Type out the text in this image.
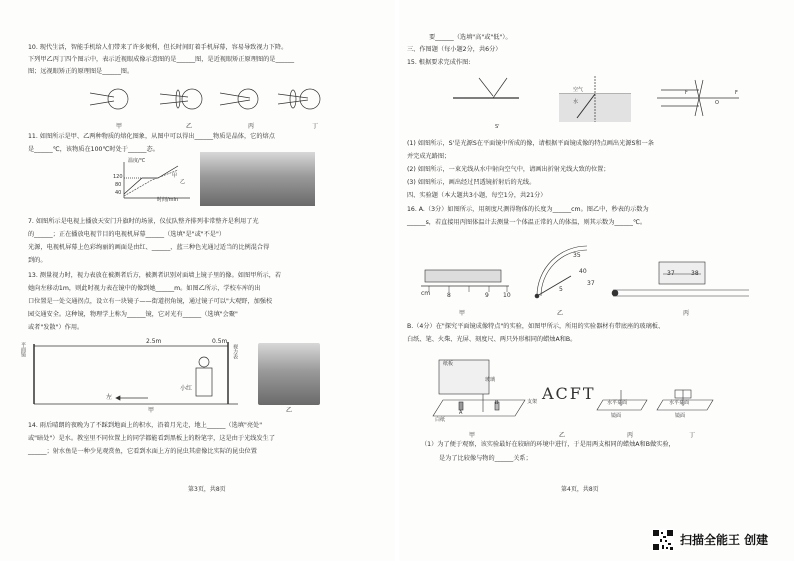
10. 现代生活，智能手机给人们带来了许多便利，但长时间盯着手机屏幕，容易导致视力下降。
下列甲乙丙丁四个图示中，表示近视眼成像示意图的是______图，是近视眼矫正原理图的是______
图；远视眼矫正的原理图是______图。
甲	乙	丙	丁
11. 如图所示是甲、乙两种物质的熔化图象，从图中可以得出______物质是晶体，它的熔点
是______℃，该物质在100℃时处于______态。
温度/℃
时间/min
120
80
40
甲
乙
7. 如图所示是电视上播放天安门升旗时的场景，仪仗队整齐排列非常整齐是利用了光
的______；正在播放电视节目的电视机屏幕______（选填"是"或"不是"）
光源，电视机屏幕上色彩绚丽的画面是由红、______、蓝三种色光通过适当的比例混合得
到的。
13. 测量视力时，视力表放在被测者后方，被测者识别对面墙上镜子里的像。如图甲所示，若
她向左移动1m，则此时视力表在镜中的像到她______m。如图乙所示，学校车库的出
口位置是一处交通拐点，设立有一块镜子——街道拐角镜，通过镜子可以"大观野，加强校
园交通安全。这种镜，物理学上称为______镜，它对光有______（选填"会聚"
或者"发散"）作用。
平面镜	视力表
2.5m	0.5m
小红
左
甲	乙
14. 雨后晴朗的夜晚为了不踩到地面上的积水，沿着月光走，地上______（选填"亮处"
或"暗处"）是水。教室里不同位置上的同学都能看到黑板上的粉笔字，这是由于光线发生了
______；射水鱼是一种少见观赏鱼，它看到水面上方的昆虫其虚像比实际的昆虫位置
第3页，共8页
要______（选填"高"或"低"）。
三、作图题（每小题2分，共6分）
15. 根据要求完成作图:
空气
水
S'
O
F	F
(1) 如图所示，S'是光源S在平面镜中所成的像，请根据平面镜成像的特点画出光源S和一条
并完成光路图；
(2) 如图所示，一束光线从水中射向空气中，请画出折射光线大致的位置；
(3) 如图所示，画出经过凹透镜折射后的光线。
四、实验题（本大题共3小题，每空1分，共21分）
16. A.（3分）如图所示，用刻度尺测得物体的长度为______cm。图乙中，秒表的示数为
______s，若直接用丙图体温计去测量一个体温正常的人的体温，则其示数为______℃。
cm	8	9 10
甲
35
40
5
37
乙
37	38
丙
B.（4分）在"探究平面镜成像特点"的实验，如图甲所示，所用的实验器材有带底座的玻璃板、
白纸、笔、火柴、光屏、刻度尺、两只外形相同的蜡烛A和B。
纸板
玻璃
支架
白纸
A
B
甲
ACFT
乙
水平桌面	水平桌面
镜面	镜面
丙	丁
（1）为了便于观察，该实验最好在较暗的环境中进行，于是用两支相同的蜡烛A和B做实验，
是为了比较像与物的______关系；
第4页，共8页
扫描全能王 创建
